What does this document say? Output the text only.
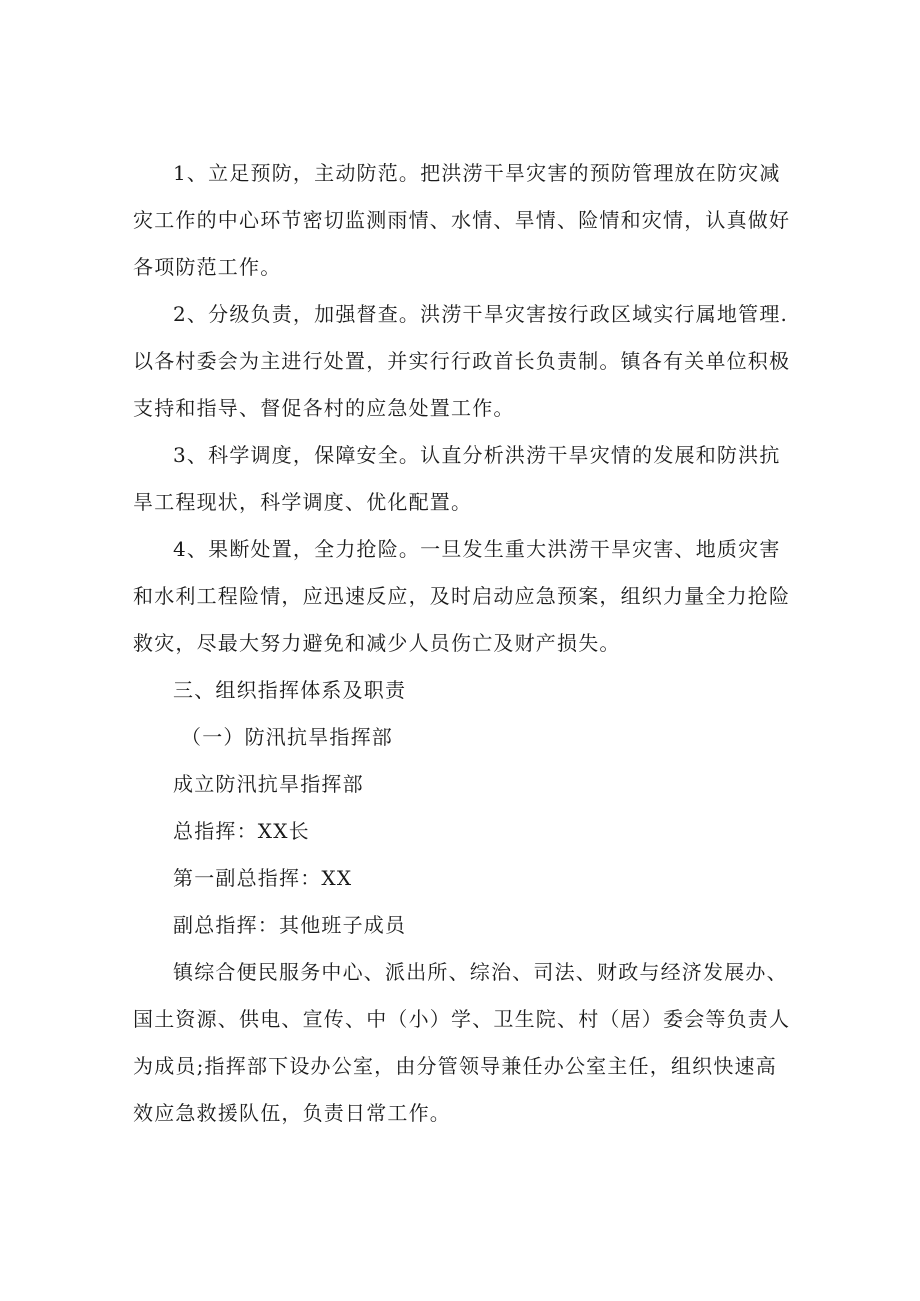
1、立足预防，主动防范。把洪涝干旱灾害的预防管理放在防灾减
灾工作的中心环节密切监测雨情、水情、旱情、险情和灾情，认真做好
各项防范工作。

2、分级负责，加强督查。洪涝干旱灾害按行政区域实行属地管理.
以各村委会为主进行处置，并实行行政首长负责制。镇各有关单位积极
支持和指导、督促各村的应急处置工作。

3、科学调度，保障安全。认直分析洪涝干旱灾情的发展和防洪抗
旱工程现状，科学调度、优化配置。

4、果断处置，全力抢险。一旦发生重大洪涝干旱灾害、地质灾害
和水利工程险情，应迅速反应，及时启动应急预案，组织力量全力抢险
救灾，尽最大努力避免和减少人员伤亡及财产损失。

三、组织指挥体系及职责

（一）防汛抗旱指挥部

成立防汛抗旱指挥部

总指挥：XX长

第一副总指挥：XX

副总指挥：其他班子成员

镇综合便民服务中心、派出所、综治、司法、财政与经济发展办、
国土资源、供电、宣传、中（小）学、卫生院、村（居）委会等负责人
为成员;指挥部下设办公室，由分管领导兼任办公室主任，组织快速高
效应急救援队伍，负责日常工作。
